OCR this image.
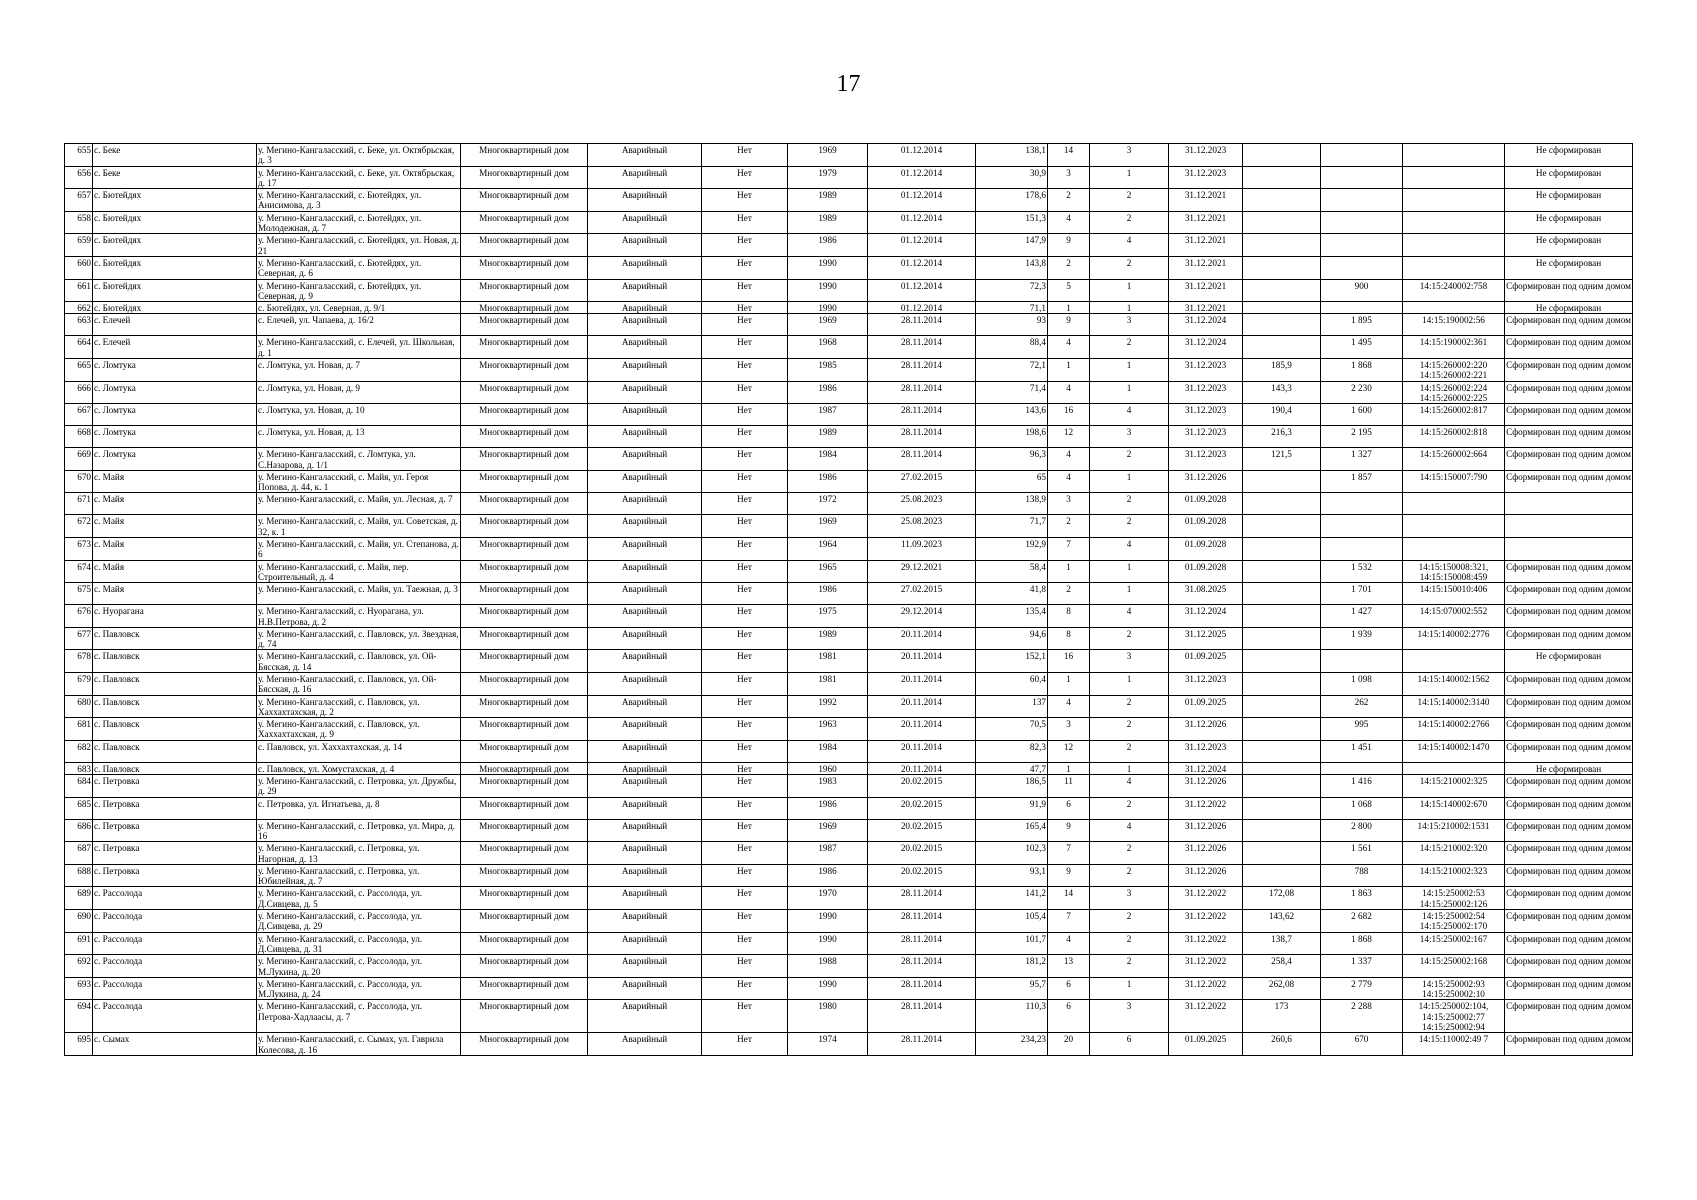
17
655	с. Беке	у. Мегино-Кангаласский, с. Беке, ул. Октябрьская, д. 3	Многоквартирный дом	Аварийный	Нет	1969	01.12.2014	138,1	14	3	31.12.2023				Не сформирован
656	с. Беке	у. Мегино-Кангаласский, с. Беке, ул. Октябрьская, д. 17	Многоквартирный дом	Аварийный	Нет	1979	01.12.2014	30,9	3	1	31.12.2023				Не сформирован
657	с. Бютейдях	у. Мегино-Кангаласский, с. Бютейдях, ул. Анисимова, д. 3	Многоквартирный дом	Аварийный	Нет	1989	01.12.2014	178,6	2	2	31.12.2021				Не сформирован
658	с. Бютейдях	у. Мегино-Кангаласский, с. Бютейдях, ул. Молодежная, д. 7	Многоквартирный дом	Аварийный	Нет	1989	01.12.2014	151,3	4	2	31.12.2021				Не сформирован
659	с. Бютейдях	у. Мегино-Кангаласский, с. Бютейдях, ул. Новая, д. 21	Многоквартирный дом	Аварийный	Нет	1986	01.12.2014	147,9	9	4	31.12.2021				Не сформирован
660	с. Бютейдях	у. Мегино-Кангаласский, с. Бютейдях, ул. Северная, д. 6	Многоквартирный дом	Аварийный	Нет	1990	01.12.2014	143,8	2	2	31.12.2021				Не сформирован
661	с. Бютейдях	у. Мегино-Кангаласский, с. Бютейдях, ул. Северная, д. 9	Многоквартирный дом	Аварийный	Нет	1990	01.12.2014	72,3	5	1	31.12.2021		900	14:15:240002:758	Сформирован под одним домом
662	с. Бютейдях	с. Бютейдях, ул. Северная, д. 9/1	Многоквартирный дом	Аварийный	Нет	1990	01.12.2014	71,1	1	1	31.12.2021				Не сформирован
663	с. Елечей	с. Елечей, ул. Чапаева, д. 16/2	Многоквартирный дом	Аварийный	Нет	1969	28.11.2014	93	9	3	31.12.2024		1 895	14:15:190002:56	Сформирован под одним домом
664	с. Елечей	у. Мегино-Кангаласский, с. Елечей, ул. Школьная, д. 1	Многоквартирный дом	Аварийный	Нет	1968	28.11.2014	88,4	4	2	31.12.2024		1 495	14:15:190002:361	Сформирован под одним домом
665	с. Ломтука	с. Ломтука, ул. Новая, д. 7	Многоквартирный дом	Аварийный	Нет	1985	28.11.2014	72,1	1	1	31.12.2023	185,9	1 868	14:15:260002:220
14:15:260002:221	Сформирован под одним домом
666	с. Ломтука	с. Ломтука, ул. Новая, д. 9	Многоквартирный дом	Аварийный	Нет	1986	28.11.2014	71,4	4	1	31.12.2023	143,3	2 230	14:15:260002:224
14:15:260002:225	Сформирован под одним домом
667	с. Ломтука	с. Ломтука, ул. Новая, д. 10	Многоквартирный дом	Аварийный	Нет	1987	28.11.2014	143,6	16	4	31.12.2023	190,4	1 600	14:15:260002:817	Сформирован под одним домом
668	с. Ломтука	с. Ломтука, ул. Новая, д. 13	Многоквартирный дом	Аварийный	Нет	1989	28.11.2014	198,6	12	3	31.12.2023	216,3	2 195	14:15:260002:818	Сформирован под одним домом
669	с. Ломтука	у. Мегино-Кангаласский, с. Ломтука, ул. С.Назарова, д. 1/1	Многоквартирный дом	Аварийный	Нет	1984	28.11.2014	96,3	4	2	31.12.2023	121,5	1 327	14:15:260002:664	Сформирован под одним домом
670	с. Майя	у. Мегино-Кангаласский, с. Майя, ул. Героя Попова, д. 44, к. 1	Многоквартирный дом	Аварийный	Нет	1986	27.02.2015	65	4	1	31.12.2026		1 857	14:15:150007:790	Сформирован под одним домом
671	с. Майя	у. Мегино-Кангаласский, с. Майя, ул. Лесная, д. 7	Многоквартирный дом	Аварийный	Нет	1972	25.08.2023	138,9	3	2	01.09.2028				
672	с. Майя	у. Мегино-Кангаласский, с. Майя, ул. Советская, д. 32, к. 1	Многоквартирный дом	Аварийный	Нет	1969	25.08.2023	71,7	2	2	01.09.2028				
673	с. Майя	у. Мегино-Кангаласский, с. Майя, ул. Степанова, д. 6	Многоквартирный дом	Аварийный	Нет	1964	11.09.2023	192,9	7	4	01.09.2028				
674	с. Майя	у. Мегино-Кангаласский, с. Майя, пер. Строительный, д. 4	Многоквартирный дом	Аварийный	Нет	1965	29.12.2021	58,4	1	1	01.09.2028		1 532	14:15:150008:321,
14:15:150008:459	Сформирован под одним домом
675	с. Майя	у. Мегино-Кангаласский, с. Майя, ул. Таежная, д. 3	Многоквартирный дом	Аварийный	Нет	1986	27.02.2015	41,8	2	1	31.08.2025		1 701	14:15:150010:406	Сформирован под одним домом
676	с. Нуорагана	у. Мегино-Кангаласский, с. Нуорагана, ул. Н.В.Петрова, д. 2	Многоквартирный дом	Аварийный	Нет	1975	29.12.2014	135,4	8	4	31.12.2024		1 427	14:15:070002:552	Сформирован под одним домом
677	с. Павловск	у. Мегино-Кангаласский, с. Павловск, ул. Звездная, д. 74	Многоквартирный дом	Аварийный	Нет	1989	20.11.2014	94,6	8	2	31.12.2025		1 939	14:15:140002:2776	Сформирован под одним домом
678	с. Павловск	у. Мегино-Кангаласский, с. Павловск, ул. Ой-Бясская, д. 14	Многоквартирный дом	Аварийный	Нет	1981	20.11.2014	152,1	16	3	01.09.2025				Не сформирован
679	с. Павловск	у. Мегино-Кангаласский, с. Павловск, ул. Ой-Бясская, д. 16	Многоквартирный дом	Аварийный	Нет	1981	20.11.2014	60,4	1	1	31.12.2023		1 098	14:15:140002:1562	Сформирован под одним домом
680	с. Павловск	у. Мегино-Кангаласский, с. Павловск, ул. Хаххахтахская, д. 2	Многоквартирный дом	Аварийный	Нет	1992	20.11.2014	137	4	2	01.09.2025		262	14:15:140002:3140	Сформирован под одним домом
681	с. Павловск	у. Мегино-Кангаласский, с. Павловск, ул. Хаххахтахская, д. 9	Многоквартирный дом	Аварийный	Нет	1963	20.11.2014	70,5	3	2	31.12.2026		995	14:15:140002:2766	Сформирован под одним домом
682	с. Павловск	с. Павловск, ул. Хаххахтахская, д. 14	Многоквартирный дом	Аварийный	Нет	1984	20.11.2014	82,3	12	2	31.12.2023		1 451	14:15:140002:1470	Сформирован под одним домом
683	с. Павловск	с. Павловск, ул. Хомустахская, д. 4	Многоквартирный дом	Аварийный	Нет	1960	20.11.2014	47,7	1	1	31.12.2024				Не сформирован
684	с. Петровка	у. Мегино-Кангаласский, с. Петровка, ул. Дружбы, д. 29	Многоквартирный дом	Аварийный	Нет	1983	20.02.2015	186,5	11	4	31.12.2026		1 416	14:15:210002:325	Сформирован под одним домом
685	с. Петровка	с. Петровка, ул. Игнатьева, д. 8	Многоквартирный дом	Аварийный	Нет	1986	20.02.2015	91,9	6	2	31.12.2022		1 068	14:15:140002:670	Сформирован под одним домом
686	с. Петровка	у. Мегино-Кангаласский, с. Петровка, ул. Мира, д. 16	Многоквартирный дом	Аварийный	Нет	1969	20.02.2015	165,4	9	4	31.12.2026		2 800	14:15:210002:1531	Сформирован под одним домом
687	с. Петровка	у. Мегино-Кангаласский, с. Петровка, ул. Нагорная, д. 13	Многоквартирный дом	Аварийный	Нет	1987	20.02.2015	102,3	7	2	31.12.2026		1 561	14:15:210002:320	Сформирован под одним домом
688	с. Петровка	у. Мегино-Кангаласский, с. Петровка, ул. Юбилейная, д. 7	Многоквартирный дом	Аварийный	Нет	1986	20.02.2015	93,1	9	2	31.12.2026		788	14:15:210002:323	Сформирован под одним домом
689	с. Рассолода	у. Мегино-Кангаласский, с. Рассолода, ул. Д.Сивцева, д. 5	Многоквартирный дом	Аварийный	Нет	1970	28.11.2014	141,2	14	3	31.12.2022	172,08	1 863	14:15:250002:53
14:15:250002:126	Сформирован под одним домом
690	с. Рассолода	у. Мегино-Кангаласский, с. Рассолода, ул. Д.Сивцева, д. 29	Многоквартирный дом	Аварийный	Нет	1990	28.11.2014	105,4	7	2	31.12.2022	143,62	2 682	14:15:250002:54
14:15:250002:170	Сформирован под одним домом
691	с. Рассолода	у. Мегино-Кангаласский, с. Рассолода, ул. Д.Сивцева, д. 31	Многоквартирный дом	Аварийный	Нет	1990	28.11.2014	101,7	4	2	31.12.2022	138,7	1 868	14:15:250002:167	Сформирован под одним домом
692	с. Рассолода	у. Мегино-Кангаласский, с. Рассолода, ул. М.Лукина, д. 20	Многоквартирный дом	Аварийный	Нет	1988	28.11.2014	181,2	13	2	31.12.2022	258,4	1 337	14:15:250002:168	Сформирован под одним домом
693	с. Рассолода	у. Мегино-Кангаласский, с. Рассолода, ул. М.Лукина, д. 24	Многоквартирный дом	Аварийный	Нет	1990	28.11.2014	95,7	6	1	31.12.2022	262,08	2 779	14:15:250002:93
14:15:250002:10	Сформирован под одним домом
694	с. Рассолода	у. Мегино-Кангаласский, с. Рассолода, ул. Петрова-Хадлаасы, д. 7	Многоквартирный дом	Аварийный	Нет	1980	28.11.2014	110,3	6	3	31.12.2022	173	2 288	14:15:250002:104,
14:15:250002:77
14:15:250002:94	Сформирован под одним домом
695	с. Сымах	у. Мегино-Кангаласский, с. Сымах, ул. Гаврила Колесова, д. 16	Многоквартирный дом	Аварийный	Нет	1974	28.11.2014	234,23	20	6	01.09.2025	260,6	670	14:15:110002:49 7	Сформирован под одним домом
